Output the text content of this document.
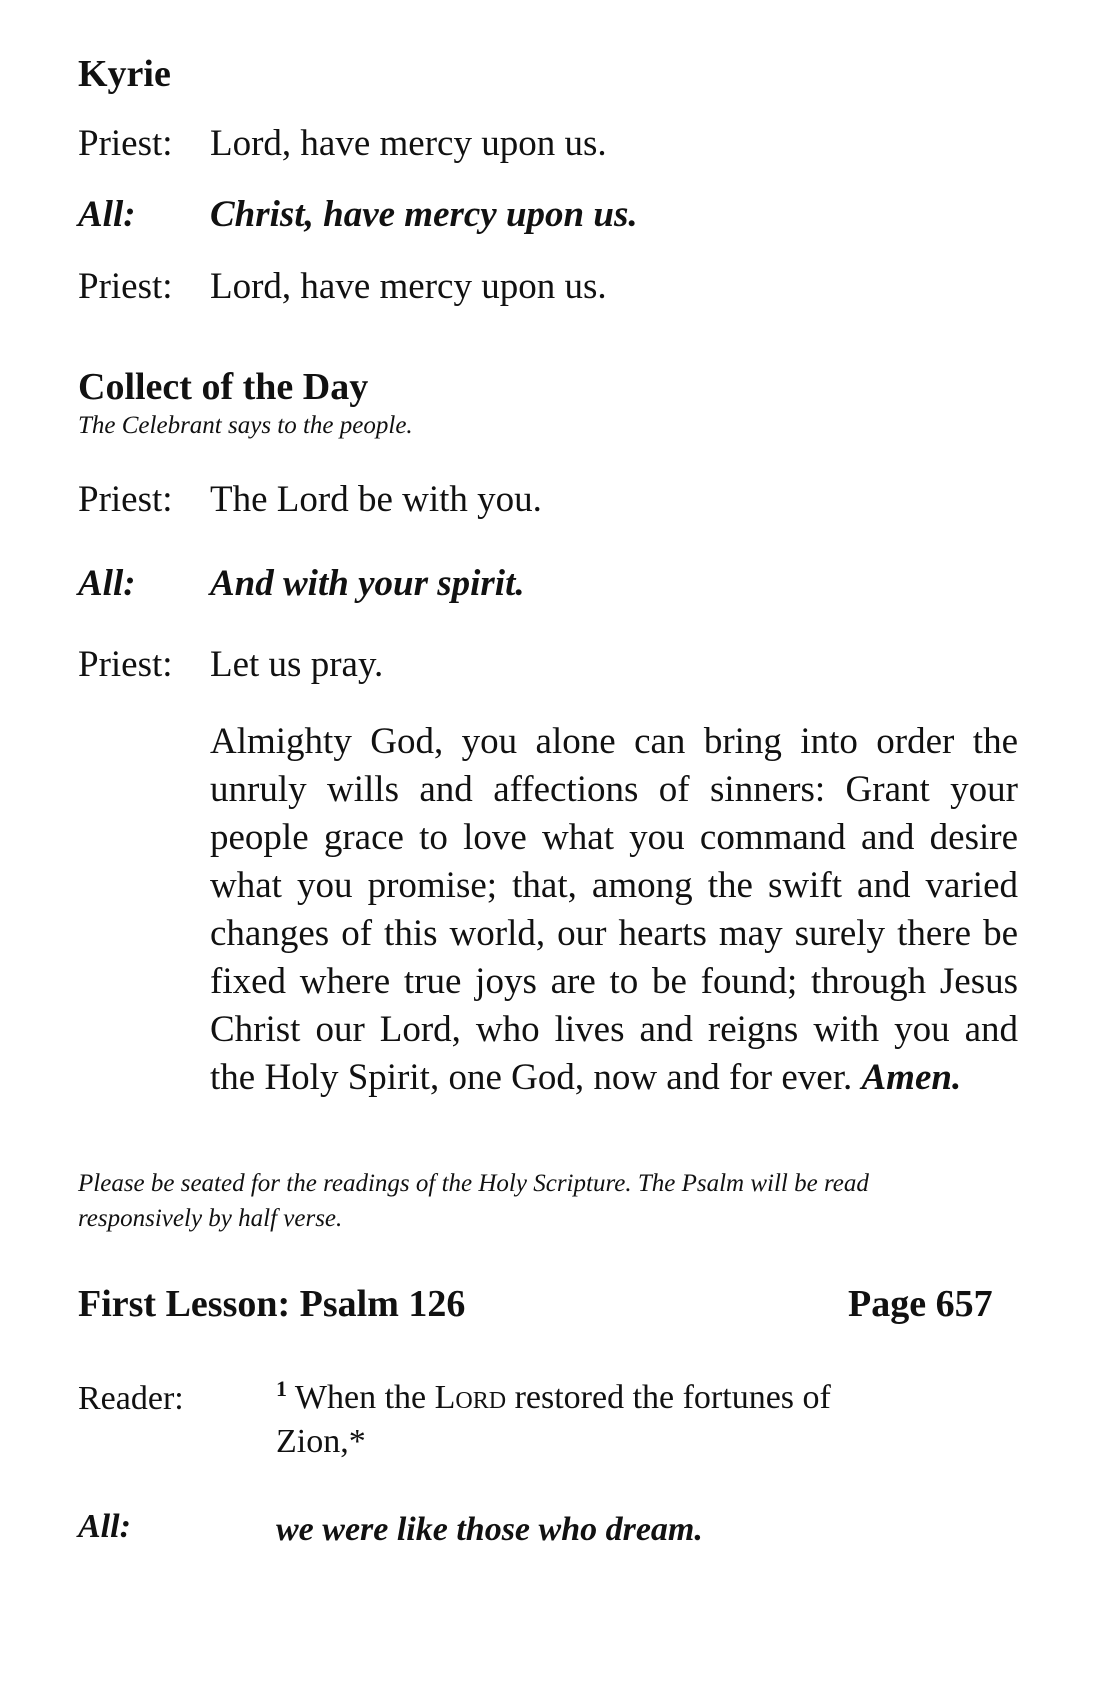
Kyrie
Priest: Lord, have mercy upon us.
All: Christ, have mercy upon us.
Priest: Lord, have mercy upon us.
Collect of the Day
The Celebrant says to the people.
Priest: The Lord be with you.
All: And with your spirit.
Priest: Let us pray.
Almighty God, you alone can bring into order the unruly wills and affections of sinners: Grant your people grace to love what you command and desire what you promise; that, among the swift and varied changes of this world, our hearts may surely there be fixed where true joys are to be found; through Jesus Christ our Lord, who lives and reigns with you and the Holy Spirit, one God, now and for ever. Amen.
Please be seated for the readings of the Holy Scripture. The Psalm will be read
responsively by half verse.
First Lesson: Psalm 126	Page 657
Reader:	$^1$ When the Lord restored the fortunes of
Zion,*
All:	we were like those who dream.
